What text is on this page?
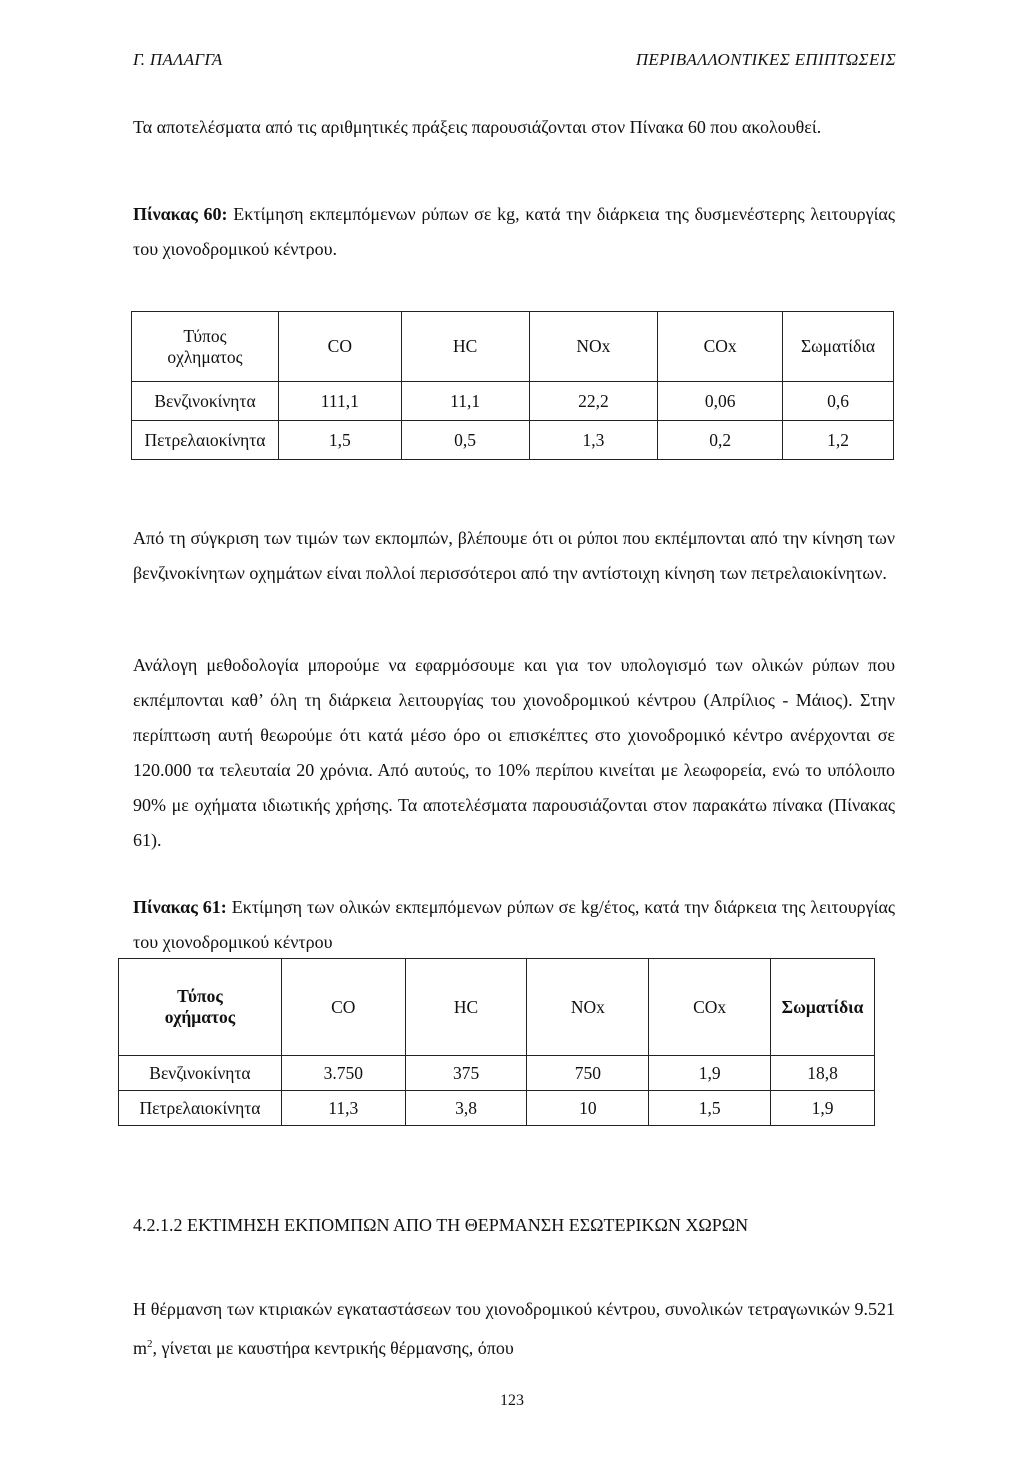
Γ. ΠΑΛΑΓΓΑ	ΠΕΡΙΒΑΛΛΟΝΤΙΚΕΣ ΕΠΙΠΤΩΣΕΙΣ

Τα αποτελέσματα από τις αριθμητικές πράξεις παρουσιάζονται στον Πίνακα 60 που ακολουθεί.

Πίνακας 60: Εκτίμηση εκπεμπόμενων ρύπων σε kg, κατά την διάρκεια της δυσμενέστερης λειτουργίας του χιονοδρομικού κέντρου.

Τύπος
οχληματος	CO	HC	NOx	COx	Σωματίδια
Βενζινοκίνητα	111,1	11,1	22,2	0,06	0,6
Πετρελαιοκίνητα	1,5	0,5	1,3	0,2	1,2

Από τη σύγκριση των τιμών των εκπομπών, βλέπουμε ότι οι ρύποι που εκπέμπονται από την κίνηση των βενζινοκίνητων οχημάτων είναι πολλοί περισσότεροι από την αντίστοιχη κίνηση των πετρελαιοκίνητων.

Ανάλογη μεθοδολογία μπορούμε να εφαρμόσουμε και για τον υπολογισμό των ολικών ρύπων που εκπέμπονται καθ’ όλη τη διάρκεια λειτουργίας του χιονοδρομικού κέντρου (Απρίλιος - Μάιος). Στην περίπτωση αυτή θεωρούμε ότι κατά μέσο όρο οι επισκέπτες στο χιονοδρομικό κέντρο ανέρχονται σε 120.000 τα τελευταία 20 χρόνια. Από αυτούς, το 10% περίπου κινείται με λεωφορεία, ενώ το υπόλοιπο 90% με οχήματα ιδιωτικής χρήσης. Τα αποτελέσματα παρουσιάζονται στον παρακάτω πίνακα (Πίνακας 61).

Πίνακας 61: Εκτίμηση των ολικών εκπεμπόμενων ρύπων σε kg/έτος, κατά την διάρκεια της λειτουργίας του χιονοδρομικού κέντρου

Τύπος
οχήματος	CO	HC	NOx	COx	Σωματίδια
Βενζινοκίνητα	3.750	375	750	1,9	18,8
Πετρελαιοκίνητα	11,3	3,8	10	1,5	1,9
4.2.1.2 ΕΚΤΙΜΗΣΗ ΕΚΠΟΜΠΩΝ ΑΠΟ ΤΗ ΘΕΡΜΑΝΣΗ ΕΣΩΤΕΡΙΚΩΝ ΧΩΡΩΝ

Η θέρμανση των κτιριακών εγκαταστάσεων του χιονοδρομικού κέντρου, συνολικών τετραγωνικών 9.521 $m^2$, γίνεται με καυστήρα κεντρικής θέρμανσης, όπου

123
